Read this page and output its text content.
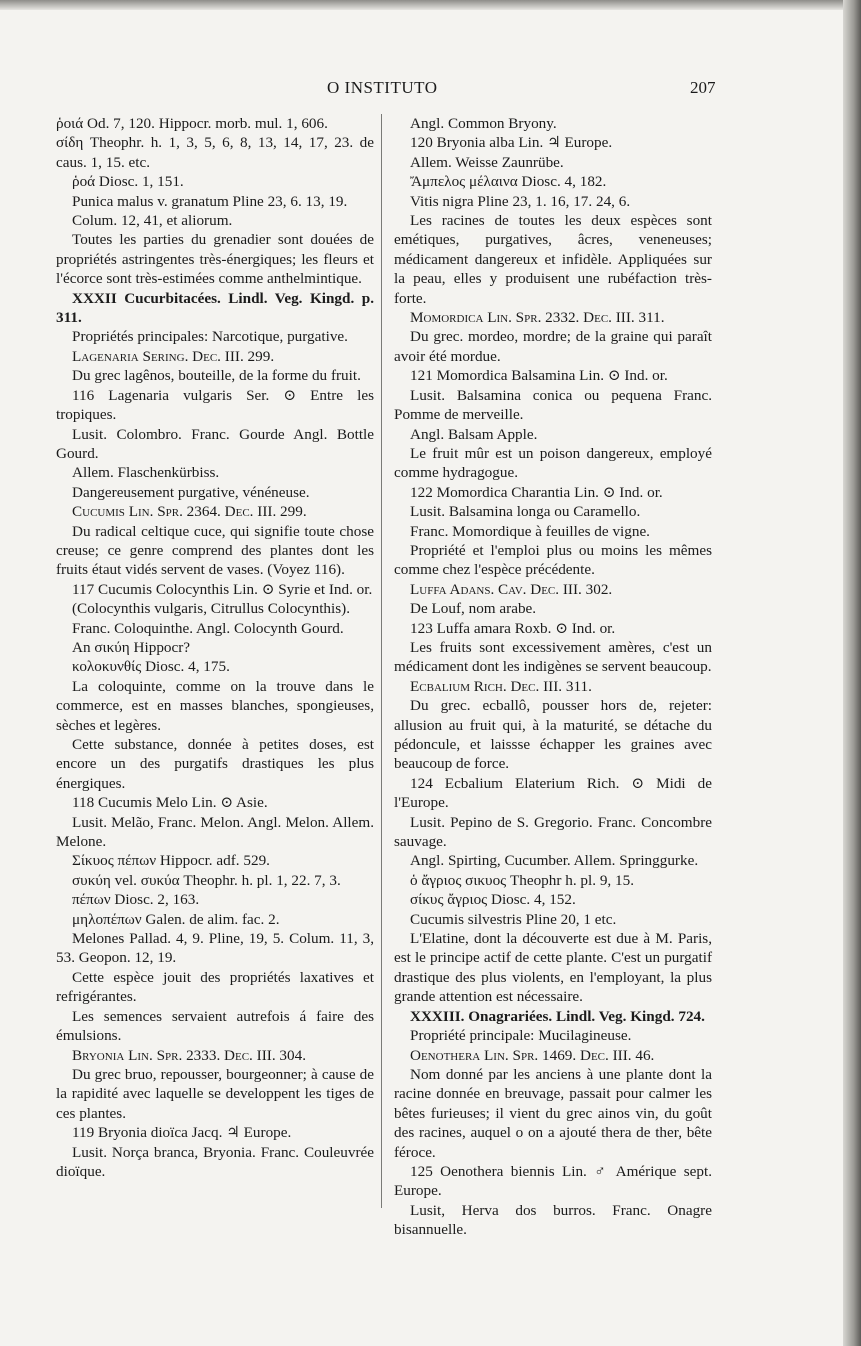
O INSTITUTO	207

ῥοιά Od. 7, 120. Hippocr. morb. mul. 1, 606.

σίδη Theophr. h. 1, 3, 5, 6, 8, 13, 14, 17, 23. de caus. 1, 15. etc.

ῥοά Diosc. 1, 151.

Punica malus v. granatum Pline 23, 6. 13, 19.

Colum. 12, 41, et aliorum.

Toutes les parties du grenadier sont douées de propriétés astringentes très-énergiques; les fleurs et l'écorce sont très-estimées comme anthelmintique.

XXXII Cucurbitacées. Lindl. Veg. Kingd. p. 311.

Propriétés principales: Narcotique, purgative.

Lagenaria Sering. Dec. III. 299.

Du grec lagênos, bouteille, de la forme du fruit.

116 Lagenaria vulgaris Ser. ⊙ Entre les tropiques.

Lusit. Colombro. Franc. Gourde Angl. Bottle Gourd.

Allem. Flaschenkürbiss.

Dangereusement purgative, vénéneuse.

Cucumis Lin. Spr. 2364. Dec. III. 299.

Du radical celtique cuce, qui signifie toute chose creuse; ce genre comprend des plantes dont les fruits étaut vidés servent de vases. (Voyez 116).

117 Cucumis Colocynthis Lin. ⊙ Syrie et Ind. or.

(Colocynthis vulgaris, Citrullus Colocynthis).

Franc. Coloquinthe. Angl. Colocynth Gourd.

An σικύη Hippocr?

κολοκυνθίς Diosc. 4, 175.

La coloquinte, comme on la trouve dans le commerce, est en masses blanches, spongieuses, sèches et legères.

Cette substance, donnée à petites doses, est encore un des purgatifs drastiques les plus énergiques.

118 Cucumis Melo Lin. ⊙ Asie.

Lusit. Melão, Franc. Melon. Angl. Melon. Allem. Melone.

Σίκυος πέπων Hippocr. adf. 529.

συκύη vel. συκύα Theophr. h. pl. 1, 22. 7, 3.

πέπων Diosc. 2, 163.

μηλοπέπων Galen. de alim. fac. 2.

Melones Pallad. 4, 9. Pline, 19, 5. Colum. 11, 3, 53. Geopon. 12, 19.

Cette espèce jouit des propriétés laxatives et refrigérantes.

Les semences servaient autrefois á faire des émulsions.

Bryonia Lin. Spr. 2333. Dec. III. 304.

Du grec bruo, repousser, bourgeonner; à cause de la rapidité avec laquelle se developpent les tiges de ces plantes.

119 Bryonia dioïca Jacq. ♃ Europe.

Lusit. Norça branca, Bryonia. Franc. Couleuvrée dioïque.

Angl. Common Bryony.

120 Bryonia alba Lin. ♃ Europe.

Allem. Weisse Zaunrübe.

Ἄμπελος μέλαινα Diosc. 4, 182.

Vitis nigra Pline 23, 1. 16, 17. 24, 6.

Les racines de toutes les deux espèces sont emétiques, purgatives, âcres, veneneuses; médicament dangereux et infidèle. Appliquées sur la peau, elles y produisent une rubéfaction très-forte.

Momordica Lin. Spr. 2332. Dec. III. 311.

Du grec. mordeo, mordre; de la graine qui paraît avoir été mordue.

121 Momordica Balsamina Lin. ⊙ Ind. or.

Lusit. Balsamina conica ou pequena Franc. Pomme de merveille.

Angl. Balsam Apple.

Le fruit mûr est un poison dangereux, employé comme hydragogue.

122 Momordica Charantia Lin. ⊙ Ind. or.

Lusit. Balsamina longa ou Caramello.

Franc. Momordique à feuilles de vigne.

Propriété et l'emploi plus ou moins les mêmes comme chez l'espèce précédente.

Luffa Adans. Cav. Dec. III. 302.

De Louf, nom arabe.

123 Luffa amara Roxb. ⊙ Ind. or.

Les fruits sont excessivement amères, c'est un médicament dont les indigènes se servent beaucoup.

Ecbalium Rich. Dec. III. 311.

Du grec. ecballô, pousser hors de, rejeter: allusion au fruit qui, à la maturité, se détache du pédoncule, et laissse échapper les graines avec beaucoup de force.

124 Ecbalium Elaterium Rich. ⊙ Midi de l'Europe.

Lusit. Pepino de S. Gregorio. Franc. Concombre sauvage.

Angl. Spirting, Cucumber. Allem. Springgurke.

ὁ ἄγριος σικυος Theophr h. pl. 9, 15.

σίκυς ἄγριος Diosc. 4, 152.

Cucumis silvestris Pline 20, 1 etc.

L'Elatine, dont la découverte est due à M. Paris, est le principe actif de cette plante. C'est un purgatif drastique des plus violents, en l'employant, la plus grande attention est nécessaire.

XXXIII. Onagrariées. Lindl. Veg. Kingd. 724.

Propriété principale: Mucilagineuse.

Oenothera Lin. Spr. 1469. Dec. III. 46.

Nom donné par les anciens à une plante dont la racine donnée en breuvage, passait pour calmer les bêtes furieuses; il vient du grec ainos vin, du goût des racines, auquel o on a ajouté thera de ther, bête féroce.

125 Oenothera biennis Lin. ♂ Amérique sept. Europe.

Lusit, Herva dos burros. Franc. Onagre bisannuelle.
